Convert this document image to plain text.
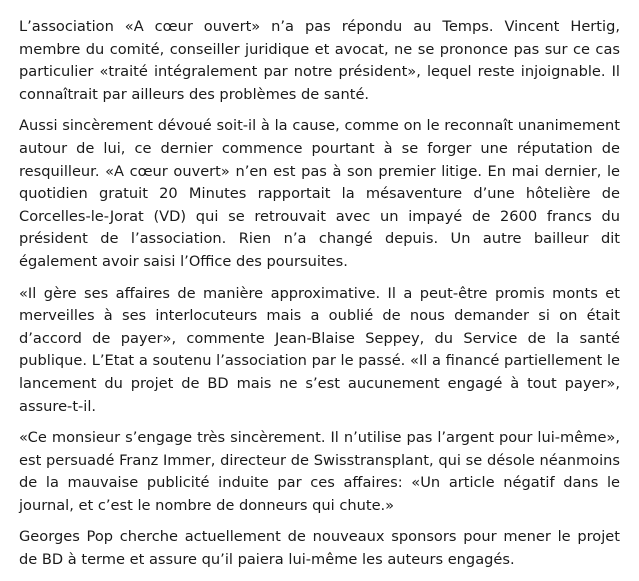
L’association «A cœur ouvert» n’a pas répondu au Temps. Vincent Hertig, membre du comité, conseiller juridique et avocat, ne se prononce pas sur ce cas particulier «traité intégralement par notre président», lequel reste injoignable. Il connaîtrait par ailleurs des problèmes de santé.

Aussi sincèrement dévoué soit-il à la cause, comme on le reconnaît unanimement autour de lui, ce dernier commence pourtant à se forger une réputation de resquilleur. «A cœur ouvert» n’en est pas à son premier litige. En mai dernier, le quotidien gratuit 20 Minutes rapportait la mésaventure d’une hôtelière de Corcelles-le-Jorat (VD) qui se retrouvait avec un impayé de 2600 francs du président de l’association. Rien n’a changé depuis. Un autre bailleur dit également avoir saisi l’Office des poursuites.

«Il gère ses affaires de manière approximative. Il a peut-être promis monts et merveilles à ses interlocuteurs mais a oublié de nous demander si on était d’accord de payer», commente Jean-Blaise Seppey, du Service de la santé publique. L’Etat a soutenu l’association par le passé. «Il a financé partiellement le lancement du projet de BD mais ne s’est aucunement engagé à tout payer», assure-t-il.

«Ce monsieur s’engage très sincèrement. Il n’utilise pas l’argent pour lui-même», est persuadé Franz Immer, directeur de Swisstransplant, qui se désole néanmoins de la mauvaise publicité induite par ces affaires: «Un article négatif dans le journal, et c’est le nombre de donneurs qui chute.»

Georges Pop cherche actuellement de nouveaux sponsors pour mener le projet de BD à terme et assure qu’il paiera lui-même les auteurs engagés.
